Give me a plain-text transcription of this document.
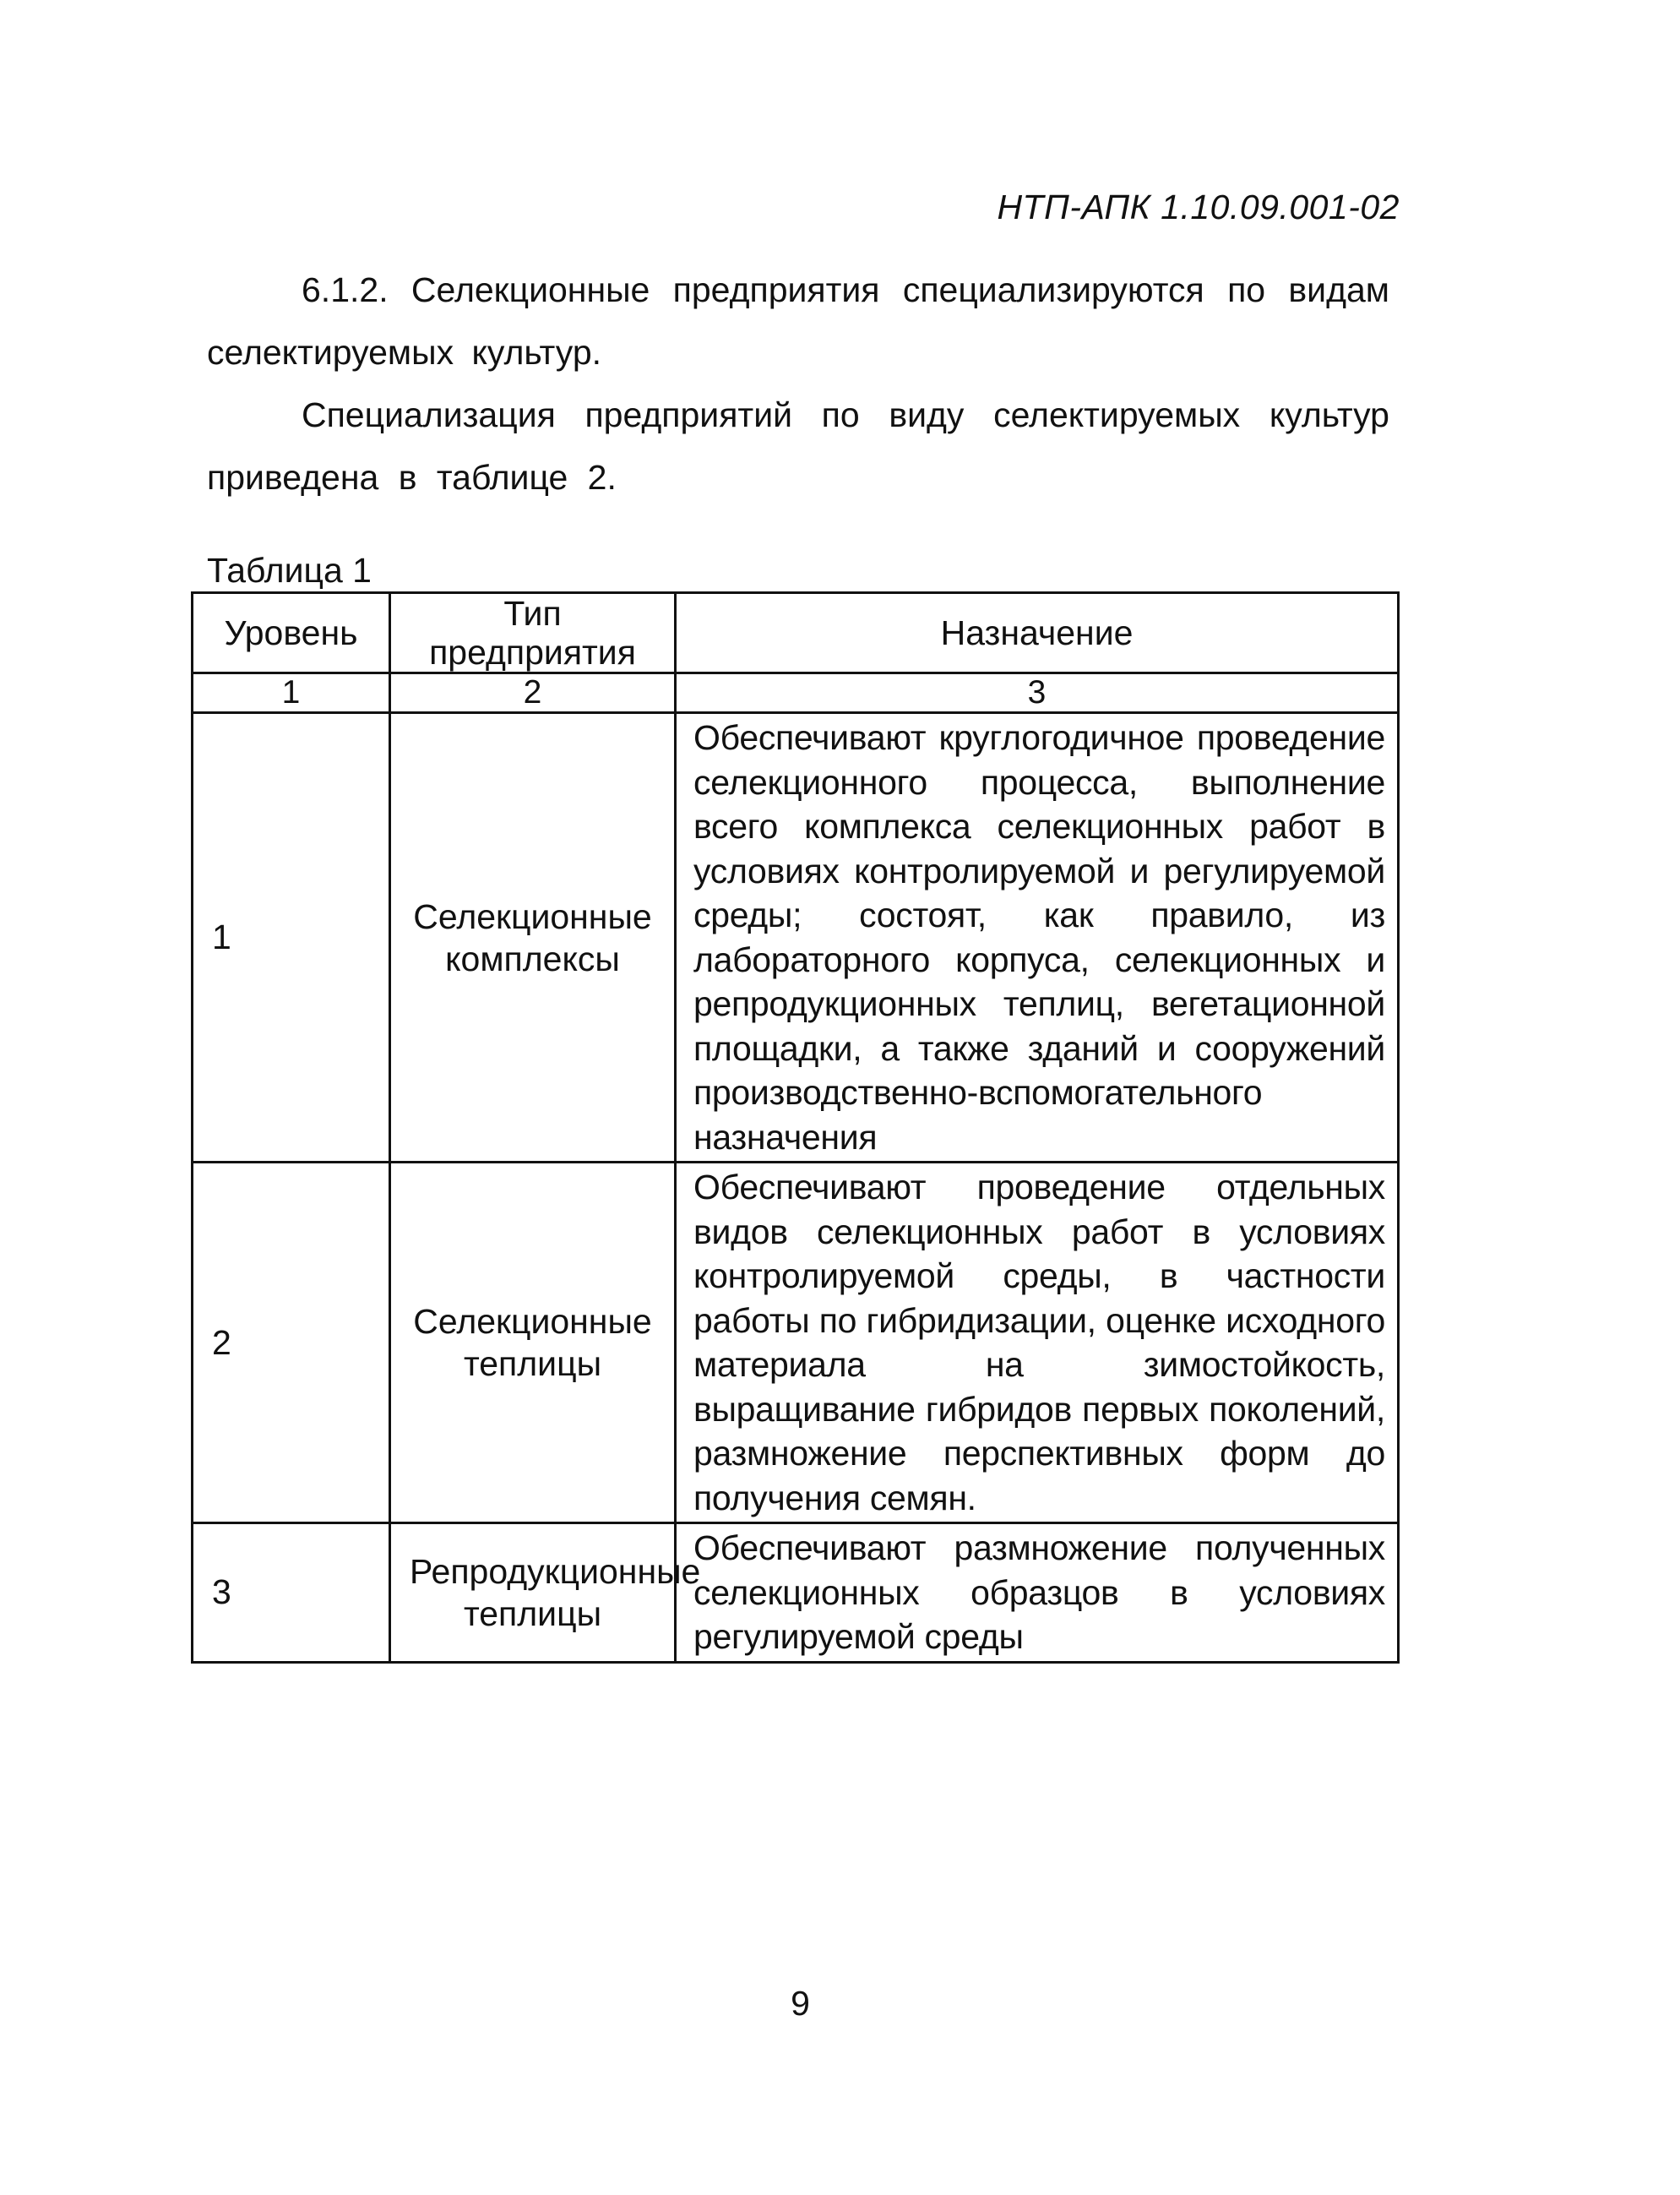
НТП-АПК 1.10.09.001-02
6.1.2. Селекционные предприятия специализируются по видам селектируемых культур.
Специализация предприятий по виду селектируемых культур приведена в таблице 2.
Таблица 1
Уровень	Тип предприятия	Назначение
1	2	3
1	Селекционные комплексы	Обеспечивают круглогодичное проведение селекционного процесса, выполнение всего комплекса селекционных работ в условиях контролируемой и регулируемой среды; состоят, как правило, из лабораторного корпуса, селекционных и репродукционных теплиц, вегетационной площадки, а также зданий и сооружений производственно-вспомогательного назначения
2	Селекционные теплицы	Обеспечивают проведение отдельных видов селекционных работ в условиях контролируемой среды, в частности работы по гибридизации, оценке исходного материала на зимостойкость, выращивание гибридов первых поколений, размножение перспективных форм до получения семян.
3	Репродукционные теплицы	Обеспечивают размножение полученных селекционных образцов в условиях регулируемой среды
9
